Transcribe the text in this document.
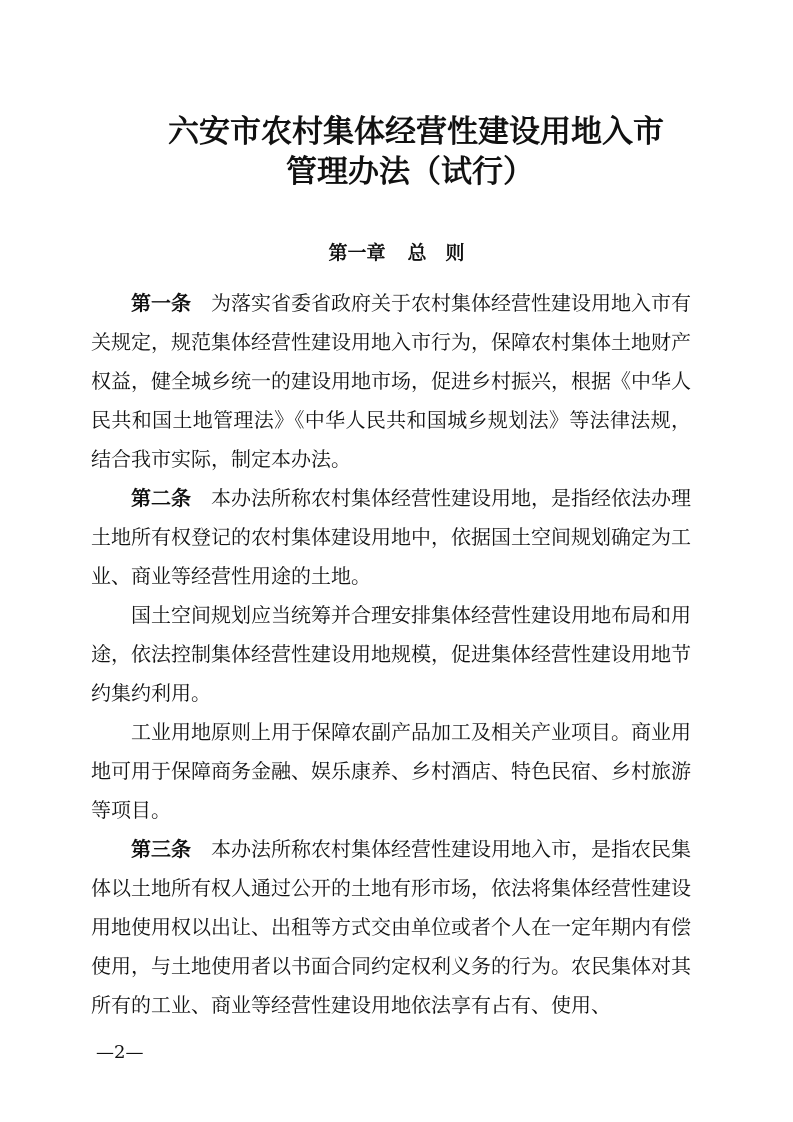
六安市农村集体经营性建设用地入市
管理办法（试行）
第一章 总　则

第一条 为落实省委省政府关于农村集体经营性建设用地入市有关规定，规范集体经营性建设用地入市行为，保障农村集体土地财产权益，健全城乡统一的建设用地市场，促进乡村振兴，根据《中华人民共和国土地管理法》《中华人民共和国城乡规划法》等法律法规，结合我市实际，制定本办法。

第二条 本办法所称农村集体经营性建设用地，是指经依法办理土地所有权登记的农村集体建设用地中，依据国土空间规划确定为工业、商业等经营性用途的土地。

国土空间规划应当统筹并合理安排集体经营性建设用地布局和用途，依法控制集体经营性建设用地规模，促进集体经营性建设用地节约集约利用。

工业用地原则上用于保障农副产品加工及相关产业项目。商业用地可用于保障商务金融、娱乐康养、乡村酒店、特色民宿、乡村旅游等项目。

第三条 本办法所称农村集体经营性建设用地入市，是指农民集体以土地所有权人通过公开的土地有形市场，依法将集体经营性建设用地使用权以出让、出租等方式交由单位或者个人在一定年期内有偿使用，与土地使用者以书面合同约定权利义务的行为。农民集体对其所有的工业、商业等经营性建设用地依法享有占有、使用、

—2—
